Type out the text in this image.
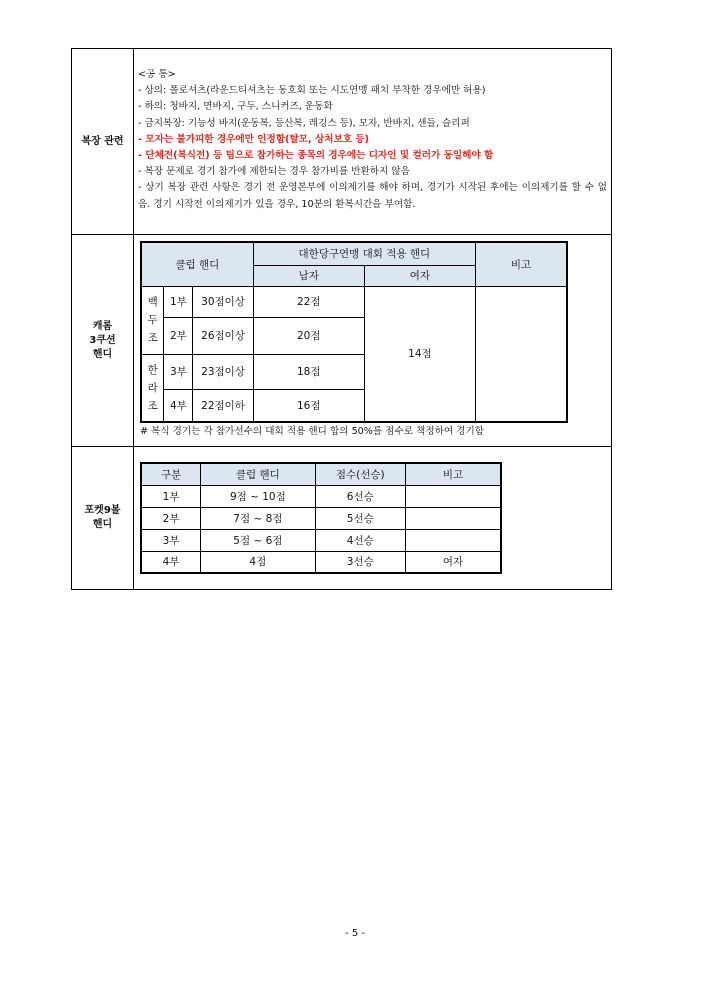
복장 관련	
<공 통>
- 상의: 폴로셔츠(라운드티셔츠는 동호회 또는 시도연맹 패치 부착한 경우에만 허용)
- 하의: 청바지, 면바지, 구두, 스니커즈, 운동화
- 금지복장: 기능성 바지(운동복, 등산복, 레깅스 등), 모자, 반바지, 샌들, 슬리퍼
- 모자는 불가피한 경우에만 인정함(탈모, 상처보호 등)
- 단체전(복식전) 등 팀으로 참가하는 종목의 경우에는 디자인 및 컬러가 동일해야 함
- 복장 문제로 경기 참가에 제한되는 경우 참가비를 반환하지 않음
- 상기 복장 관련 사항은 경기 전 운영본부에 이의제기를 해야 하며, 경기가 시작된 후에는 이의제기를 할 수 없음. 경기 시작전 이의제기가 있을 경우, 10분의 환복시간을 부여함.

캐롬
3쿠션
핸디

클럽 핸디	대한당구연맹 대회 적용 핸디	비고
남자	여자
백두조	1부	30점이상	22점	14점	
2부	26점이상	20점
한라조	3부	23점이상	18점
4부	22점이하	16점
# 복식 경기는 각 참가선수의 대회 적용 핸디 합의 50%를 점수로 책정하여 경기함

포켓9볼
핸디

구분	클럽 핸디	점수(선승)	비고
1부	9점 ~ 10점	6선승	
2부	7점 ~ 8점	5선승	
3부	5점 ~ 6점	4선승	
4부	4점	3선승	여자
- 5 -
